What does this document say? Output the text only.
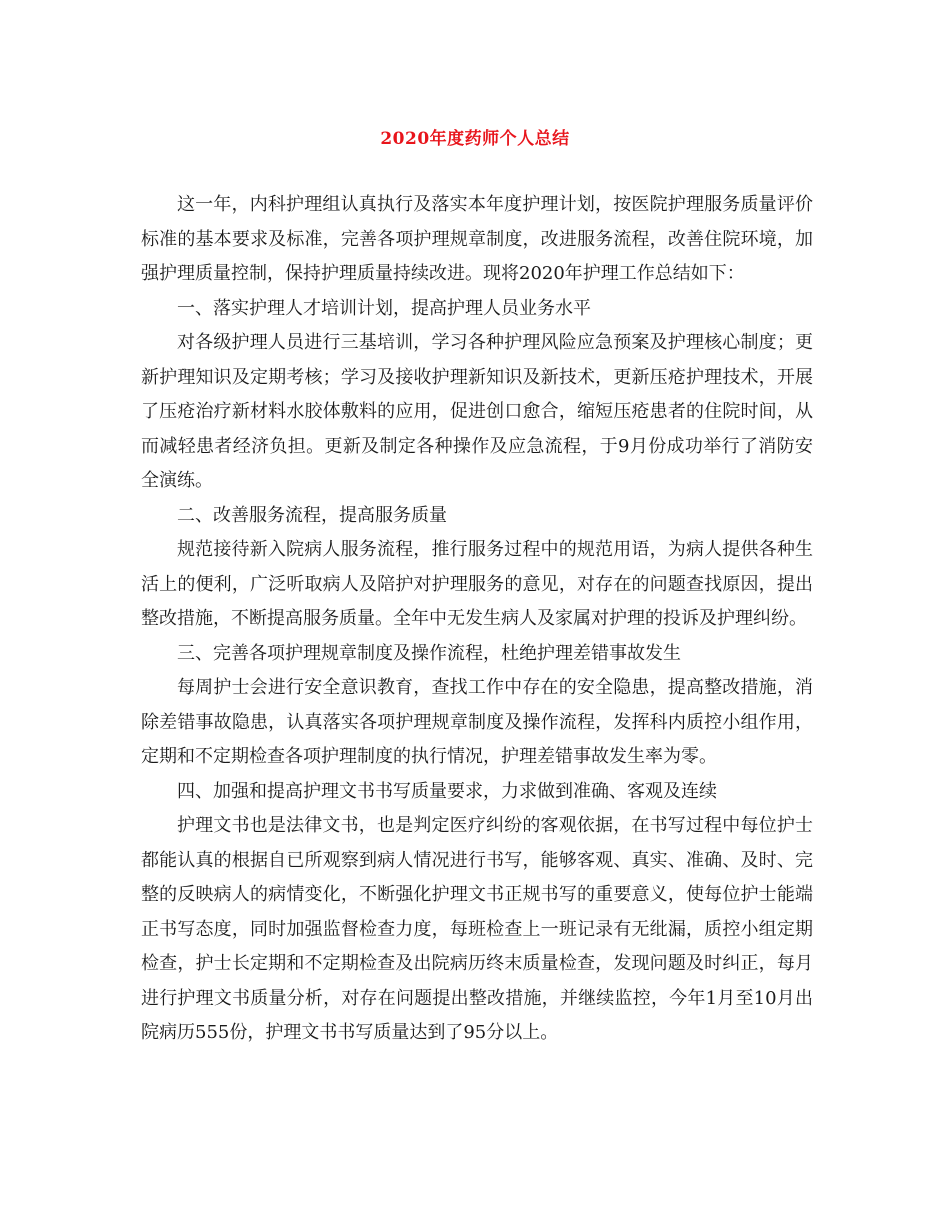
2020年度药师个人总结

这一年，内科护理组认真执行及落实本年度护理计划，按医院护理服务质量评价标准的基本要求及标准，完善各项护理规章制度，改进服务流程，改善住院环境，加强护理质量控制，保持护理质量持续改进。现将2020年护理工作总结如下：

一、落实护理人才培训计划，提高护理人员业务水平

对各级护理人员进行三基培训，学习各种护理风险应急预案及护理核心制度；更新护理知识及定期考核；学习及接收护理新知识及新技术，更新压疮护理技术，开展了压疮治疗新材料水胶体敷料的应用，促进创口愈合，缩短压疮患者的住院时间，从而减轻患者经济负担。更新及制定各种操作及应急流程，于9月份成功举行了消防安全演练。

二、改善服务流程，提高服务质量

规范接待新入院病人服务流程，推行服务过程中的规范用语，为病人提供各种生活上的便利，广泛听取病人及陪护对护理服务的意见，对存在的问题查找原因，提出整改措施，不断提高服务质量。全年中无发生病人及家属对护理的投诉及护理纠纷。

三、完善各项护理规章制度及操作流程，杜绝护理差错事故发生

每周护士会进行安全意识教育，查找工作中存在的安全隐患，提高整改措施，消除差错事故隐患，认真落实各项护理规章制度及操作流程，发挥科内质控小组作用，定期和不定期检查各项护理制度的执行情况，护理差错事故发生率为零。

四、加强和提高护理文书书写质量要求，力求做到准确、客观及连续

护理文书也是法律文书，也是判定医疗纠纷的客观依据，在书写过程中每位护士都能认真的根据自已所观察到病人情况进行书写，能够客观、真实、准确、及时、完整的反映病人的病情变化，不断强化护理文书正规书写的重要意义，使每位护士能端正书写态度，同时加强监督检查力度，每班检查上一班记录有无纰漏，质控小组定期检查，护士长定期和不定期检查及出院病历终末质量检查，发现问题及时纠正，每月进行护理文书质量分析，对存在问题提出整改措施，并继续监控，今年1月至10月出院病历555份，护理文书书写质量达到了95分以上。
